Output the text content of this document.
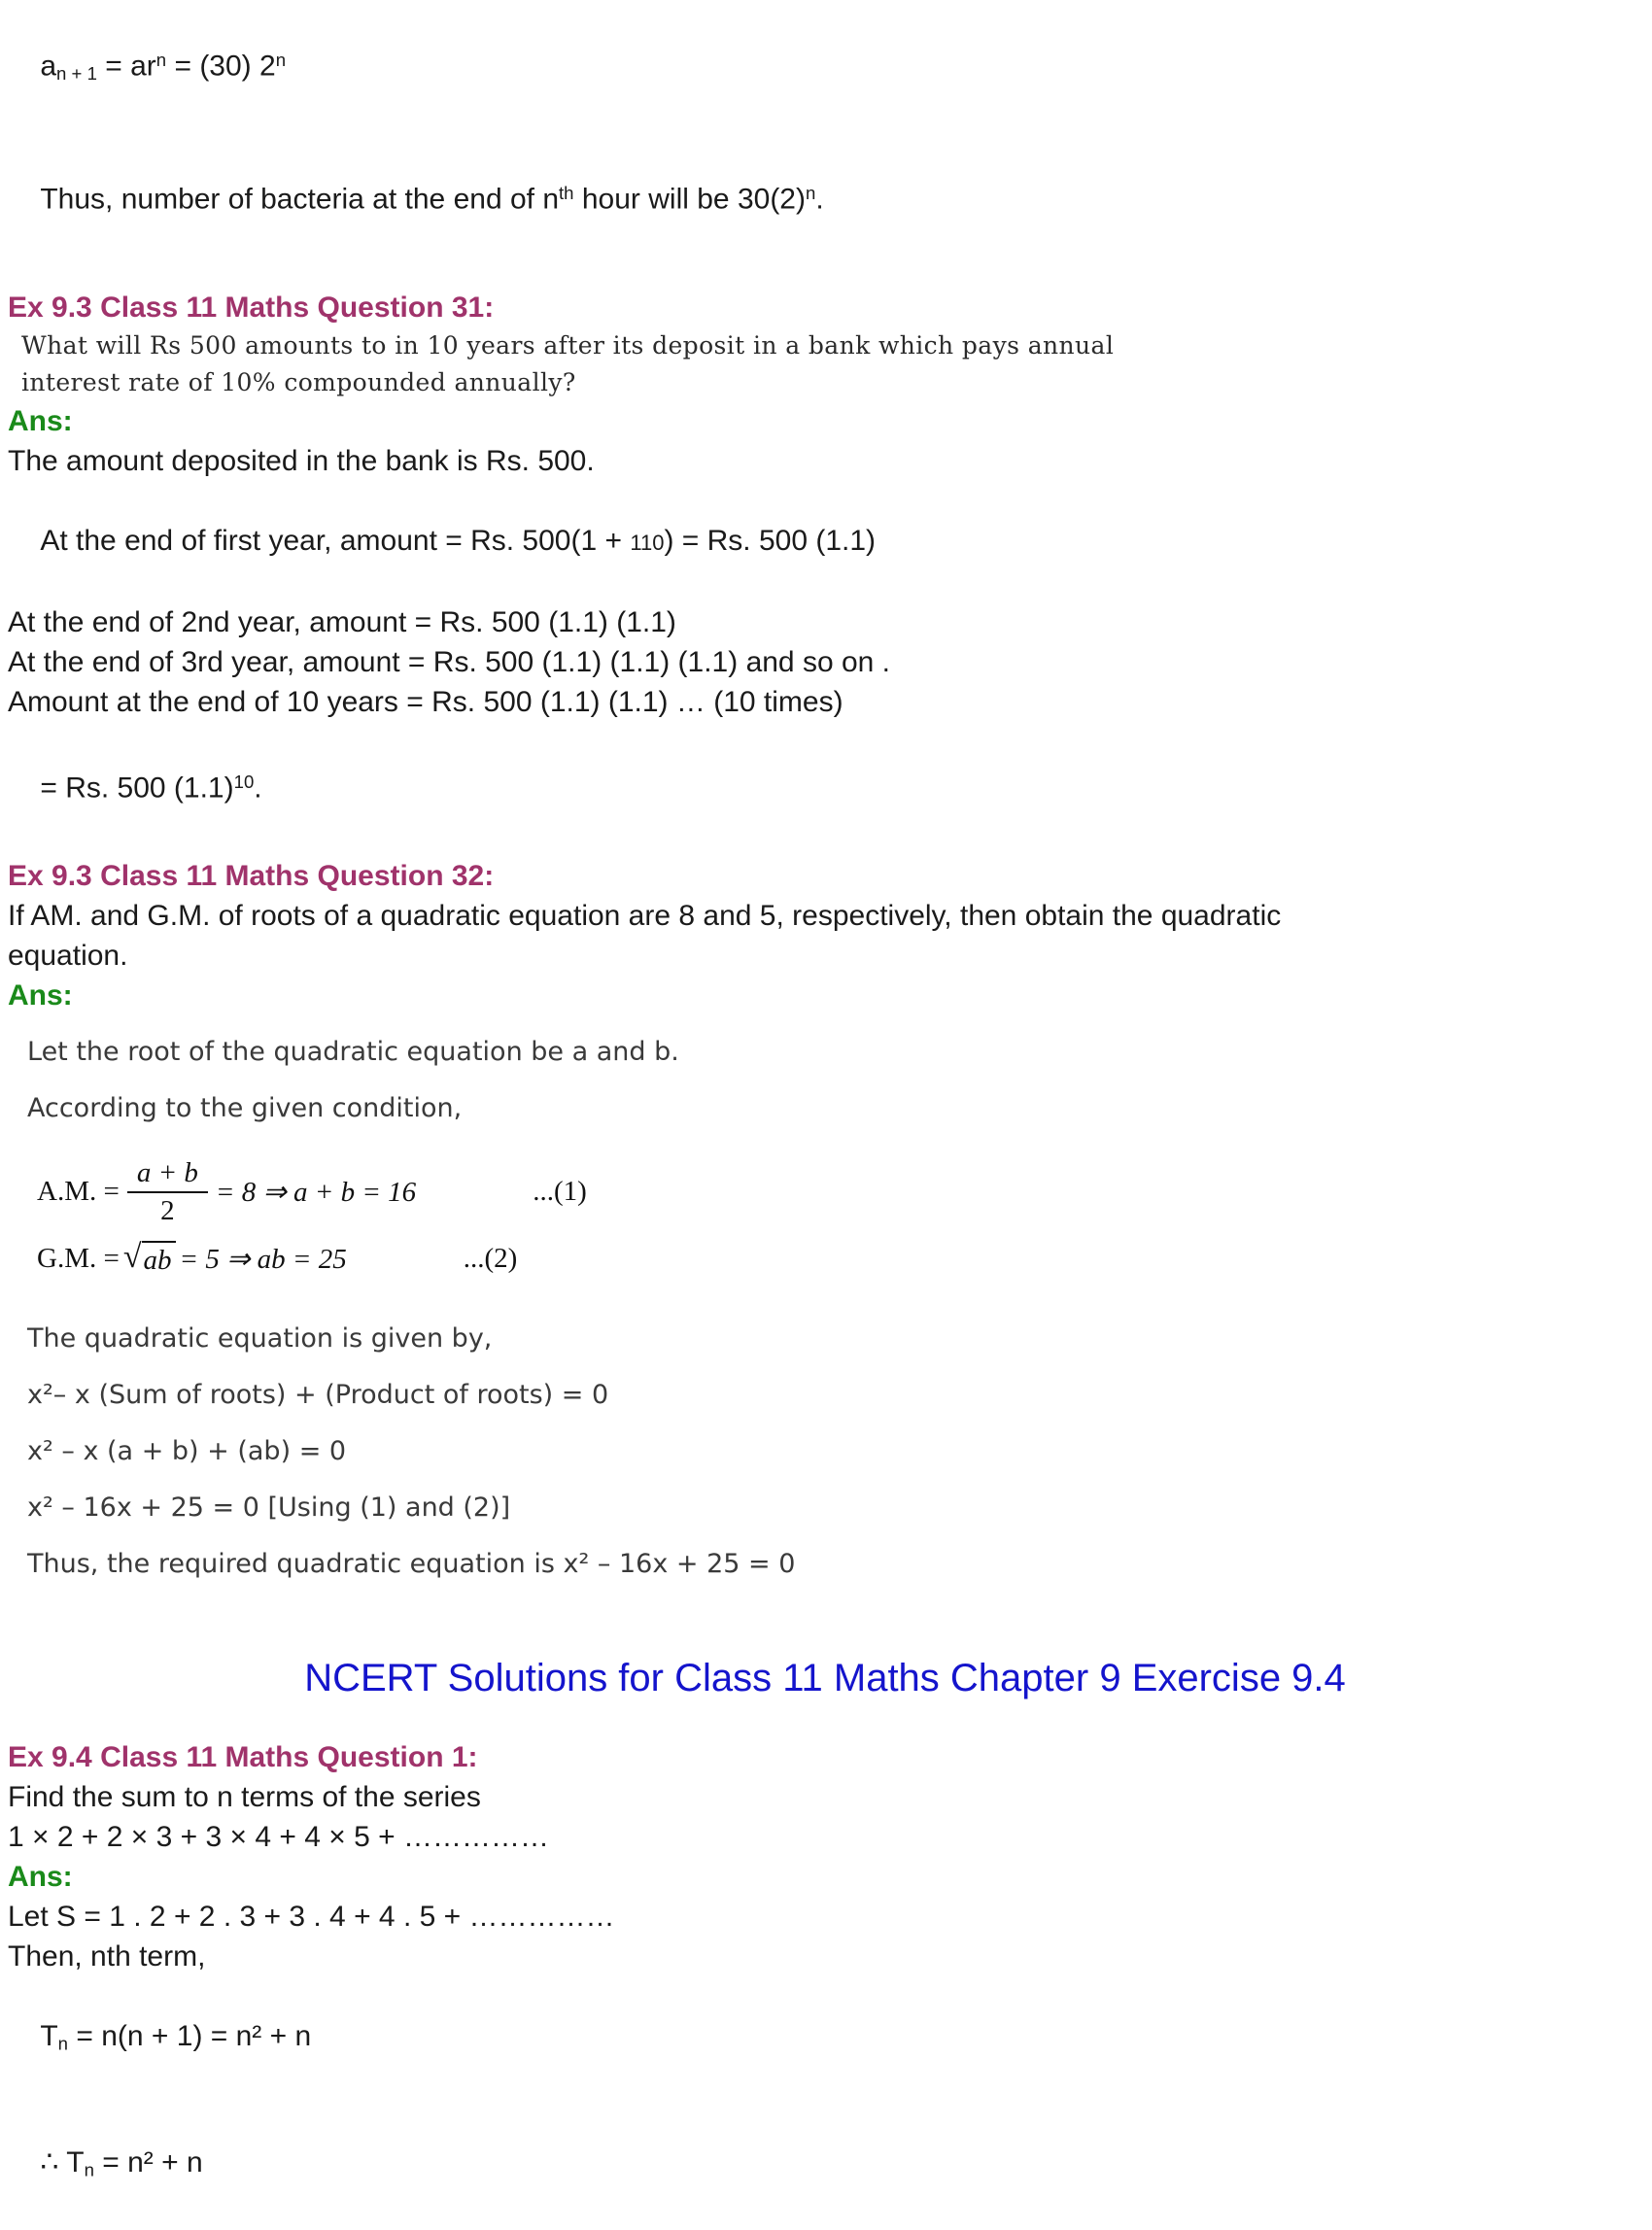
$a_{n + 1} = ar^n = (30)$ 2$^n$

Thus, number of bacteria at the end of $n^{th}$ hour will be $30(2)^n$.

Ex 9.3 Class 11 Maths Question 31:
What will Rs 500 amounts to in 10 years after its deposit in a bank which pays annual
interest rate of 10% compounded annually?
Ans:
The amount deposited in the bank is Rs. 500.

At the end of first year, amount = Rs. 500(1 + 110) = Rs. 500 (1.1)

At the end of 2nd year, amount = Rs. 500 (1.1) (1.1)
At the end of 3rd year, amount = Rs. 500 (1.1) (1.1) (1.1) and so on .
Amount at the end of 10 years = Rs. 500 (1.1) (1.1) … (10 times)

= Rs. 500 $(1.1)^{10}$.

Ex 9.3 Class 11 Maths Question 32:
If AM. and G.M. of roots of a quadratic equation are 8 and 5, respectively, then obtain the quadratic
equation.
Ans:
Let the root of the quadratic equation be a and b.
According to the given condition,
A.M. = $\frac{a + b}{2} = 8$ ⇒ a + b = 16	...(1)
G.M. = √ ab = 5 ⇒ ab = 25	...(2)
The quadratic equation is given by,
x²– x (Sum of roots) + (Product of roots) = 0
x² – x (a + b) + (ab) = 0
x² – 16x + 25 = 0 [Using (1) and (2)]
Thus, the required quadratic equation is x² – 16x + 25 = 0
NCERT Solutions for Class 11 Maths Chapter 9 Exercise 9.4
Ex 9.4 Class 11 Maths Question 1:
Find the sum to n terms of the series
1 × 2 + 2 × 3 + 3 × 4 + 4 × 5 + ……………
Ans:
Let S = 1 . 2 + 2 . 3 + 3 . 4 + 4 . 5 + ……………
Then, nth term,

$T_n = n(n + 1) = n^2 + n$

∴ $T_n = n^2 + n$
